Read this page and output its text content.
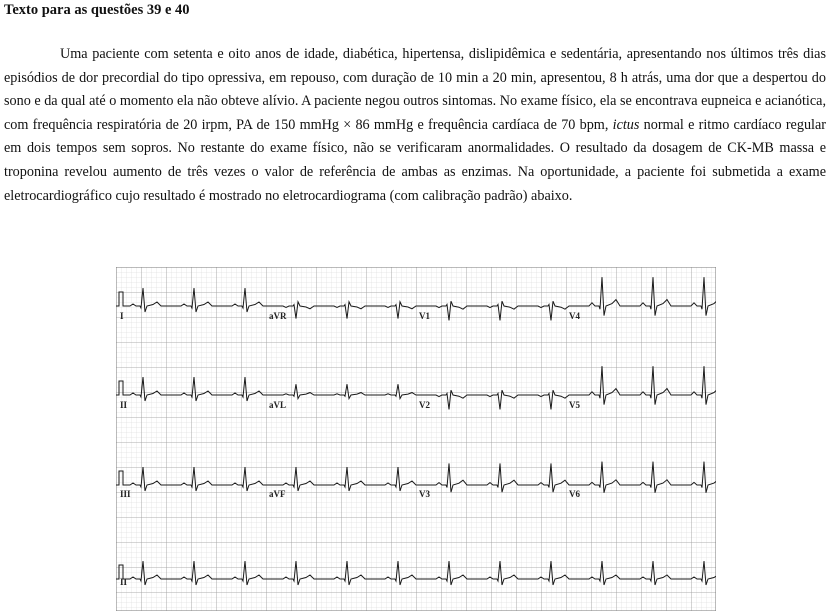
Texto para as questões 39 e 40
Uma paciente com setenta e oito anos de idade, diabética, hipertensa, dislipidêmica e sedentária, apresentando nos últimos três dias episódios de dor precordial do tipo opressiva, em repouso, com duração de 10 min a 20 min, apresentou, 8 h atrás, uma dor que a despertou do sono e da qual até o momento ela não obteve alívio. A paciente negou outros sintomas. No exame físico, ela se encontrava eupneica e acianótica, com frequência respiratória de 20 irpm, PA de 150 mmHg × 86 mmHg e frequência cardíaca de 70 bpm, ictus normal e ritmo cardíaco regular em dois tempos sem sopros. No restante do exame físico, não se verificaram anormalidades. O resultado da dosagem de CK-MB massa e troponina revelou aumento de três vezes o valor de referência de ambas as enzimas. Na oportunidade, a paciente foi submetida a exame eletrocardiográfico cujo resultado é mostrado no eletrocardiograma (com calibração padrão) abaixo.
I	aVR	V1	V4
II	aVL	V2	V5
III	aVF	V3	V6
II
